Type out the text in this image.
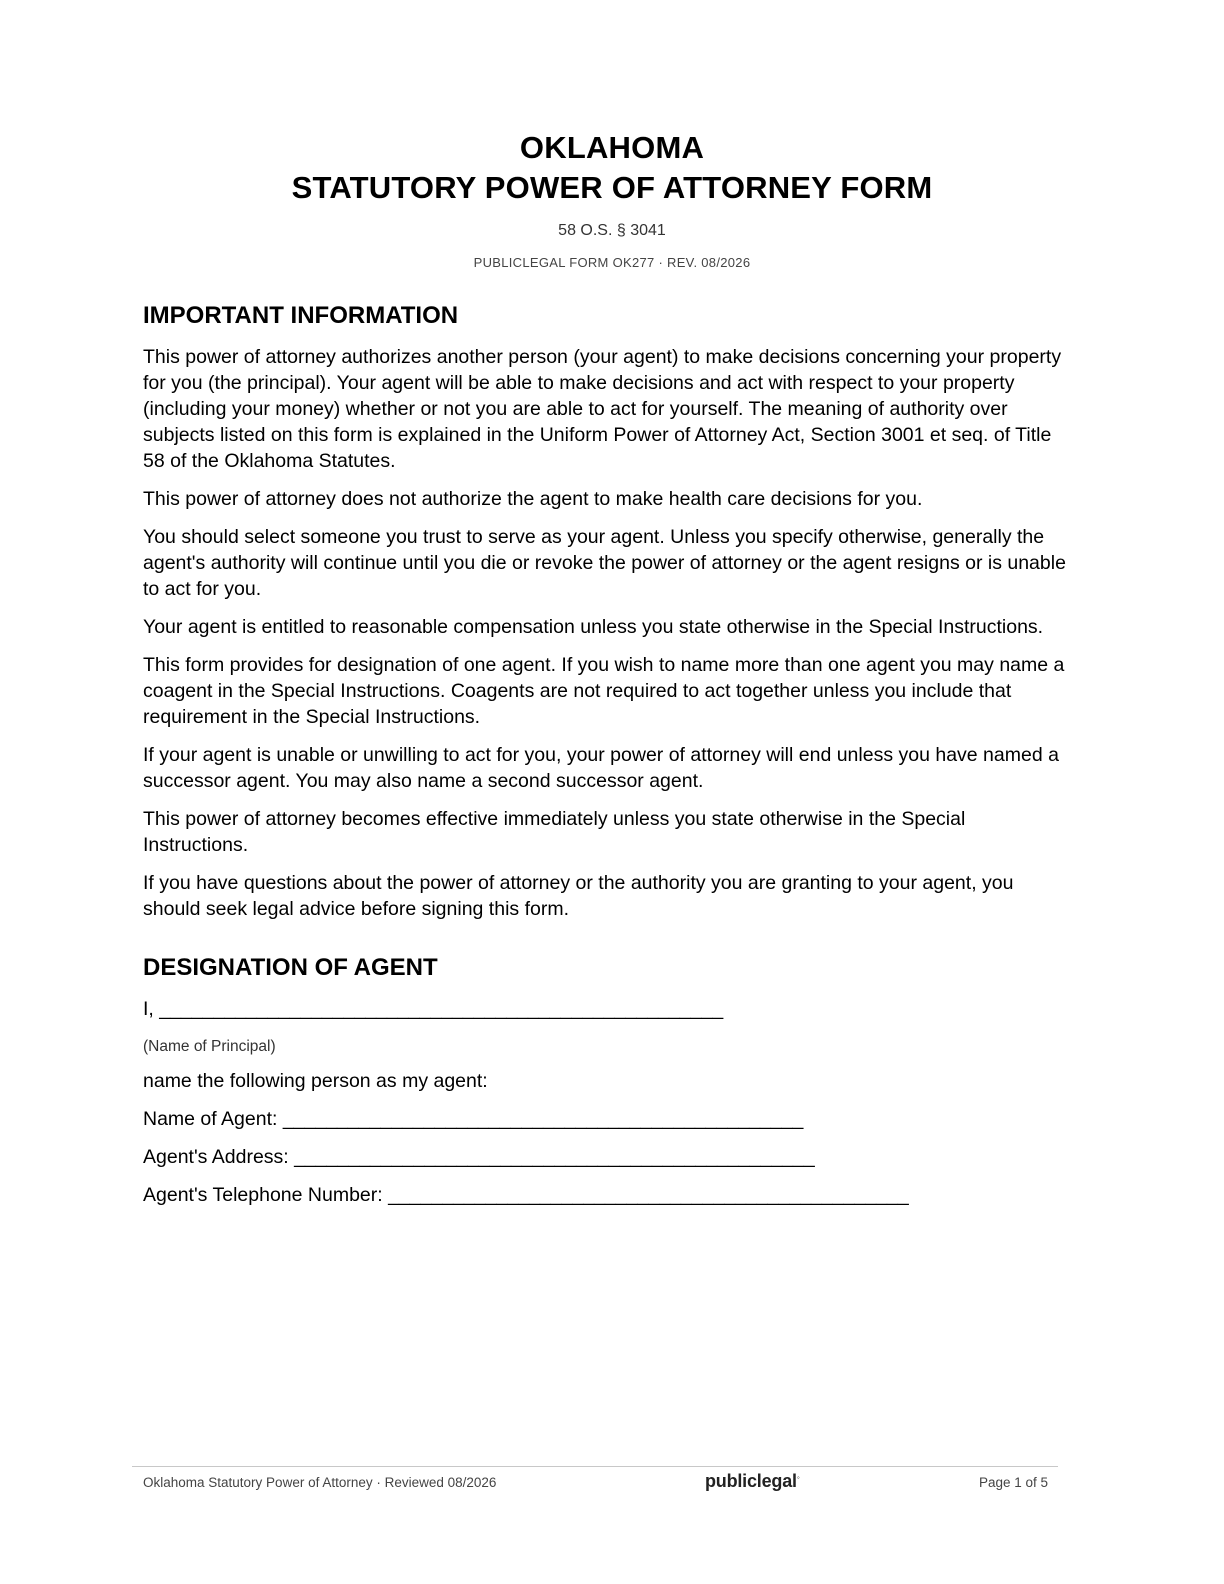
OKLAHOMA
STATUTORY POWER OF ATTORNEY FORM
58 O.S. § 3041
PUBLICLEGAL FORM OK277 · REV. 08/2026
IMPORTANT INFORMATION

This power of attorney authorizes another person (your agent) to make decisions concerning your property for you (the principal). Your agent will be able to make decisions and act with respect to your property (including your money) whether or not you are able to act for yourself. The meaning of authority over subjects listed on this form is explained in the Uniform Power of Attorney Act, Section 3001 et seq. of Title 58 of the Oklahoma Statutes.

This power of attorney does not authorize the agent to make health care decisions for you.

You should select someone you trust to serve as your agent. Unless you specify otherwise, generally the agent's authority will continue until you die or revoke the power of attorney or the agent resigns or is unable to act for you.

Your agent is entitled to reasonable compensation unless you state otherwise in the Special Instructions.

This form provides for designation of one agent. If you wish to name more than one agent you may name a coagent in the Special Instructions. Coagents are not required to act together unless you include that requirement in the Special Instructions.

If your agent is unable or unwilling to act for you, your power of attorney will end unless you have named a successor agent. You may also name a second successor agent.

This power of attorney becomes effective immediately unless you state otherwise in the Special Instructions.

If you have questions about the power of attorney or the authority you are granting to your agent, you should seek legal advice before signing this form.

DESIGNATION OF AGENT
I, ____________________________________________________
(Name of Principal)
name the following person as my agent:
Name of Agent: ________________________________________________
Agent's Address: ________________________________________________
Agent's Telephone Number: ________________________________________________
Oklahoma Statutory Power of Attorney · Reviewed 08/2026	publiclegal◦	Page 1 of 5
